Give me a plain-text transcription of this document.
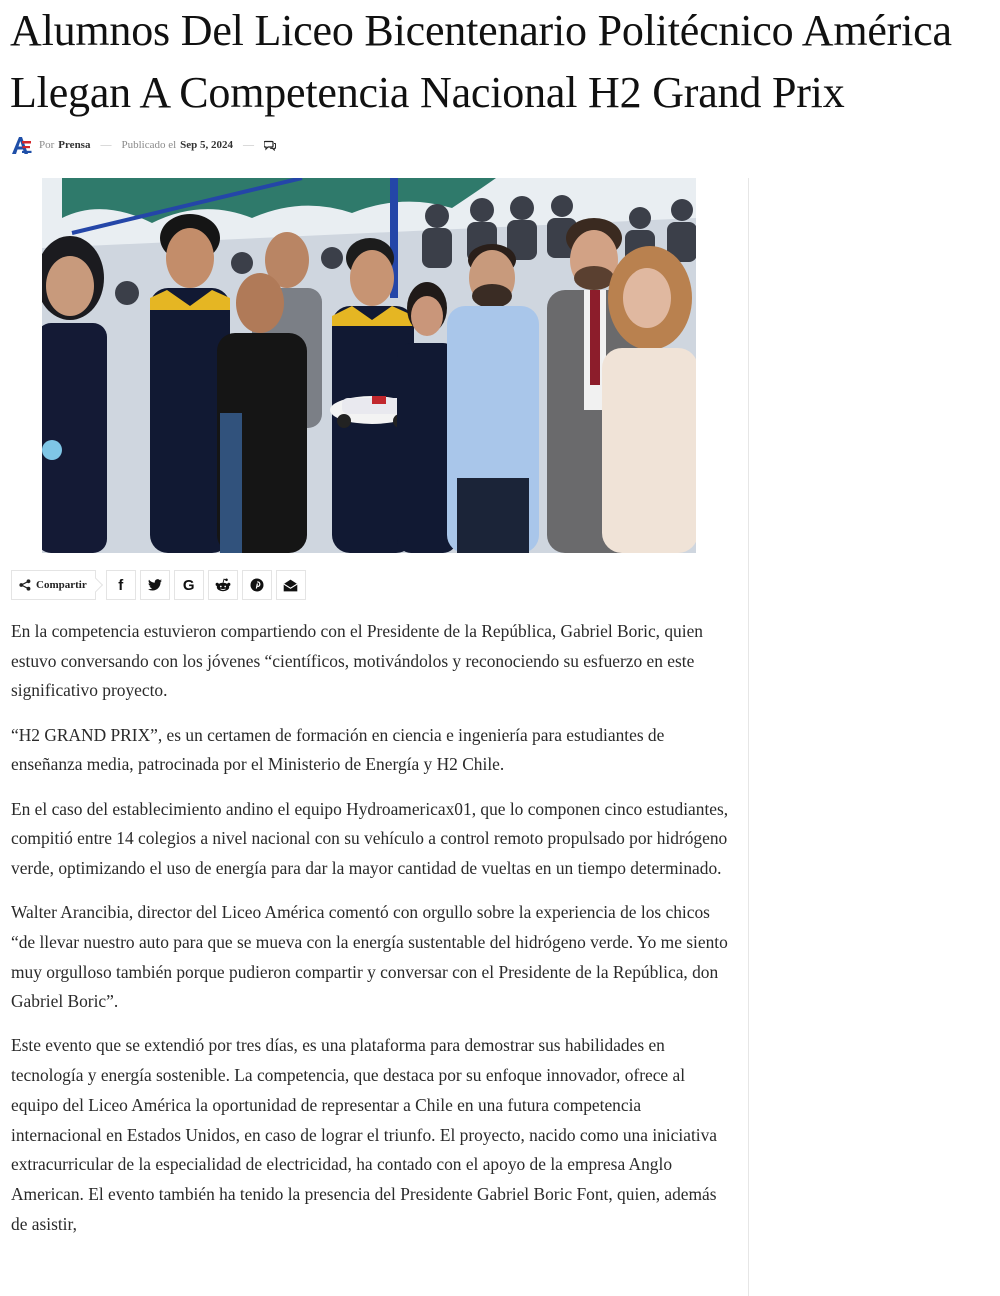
Alumnos Del Liceo Bicentenario Politécnico América
Llegan A Competencia Nacional H2 Grand Prix
Por Prensa — Publicado el Sep 5, 2024 —
Compartir f	G

En la competencia estuvieron compartiendo con el Presidente de la República, Gabriel Boric, quien estuvo conversando con los jóvenes “científicos, motivándolos y reconociendo su esfuerzo en este significativo proyecto.

“H2 GRAND PRIX”, es un certamen de formación en ciencia e ingeniería para estudiantes de enseñanza media, patrocinada por el Ministerio de Energía y H2 Chile.

En el caso del establecimiento andino el equipo Hydroamericax01, que lo componen cinco estudiantes, compitió entre 14 colegios a nivel nacional con su vehículo a control remoto propulsado por hidrógeno verde, optimizando el uso de energía para dar la mayor cantidad de vueltas en un tiempo determinado.

Walter Arancibia, director del Liceo América comentó con orgullo sobre la experiencia de los chicos “de llevar nuestro auto para que se mueva con la energía sustentable del hidrógeno verde. Yo me siento muy orgulloso también porque pudieron compartir y conversar con el Presidente de la República, don Gabriel Boric”.

Este evento que se extendió por tres días, es una plataforma para demostrar sus habilidades en tecnología y energía sostenible. La competencia, que destaca por su enfoque innovador, ofrece al equipo del Liceo América la oportunidad de representar a Chile en una futura competencia internacional en Estados Unidos, en caso de lograr el triunfo. El proyecto, nacido como una iniciativa extracurricular de la especialidad de electricidad, ha contado con el apoyo de la empresa Anglo American. El evento también ha tenido la presencia del Presidente Gabriel Boric Font, quien, además de asistir,
